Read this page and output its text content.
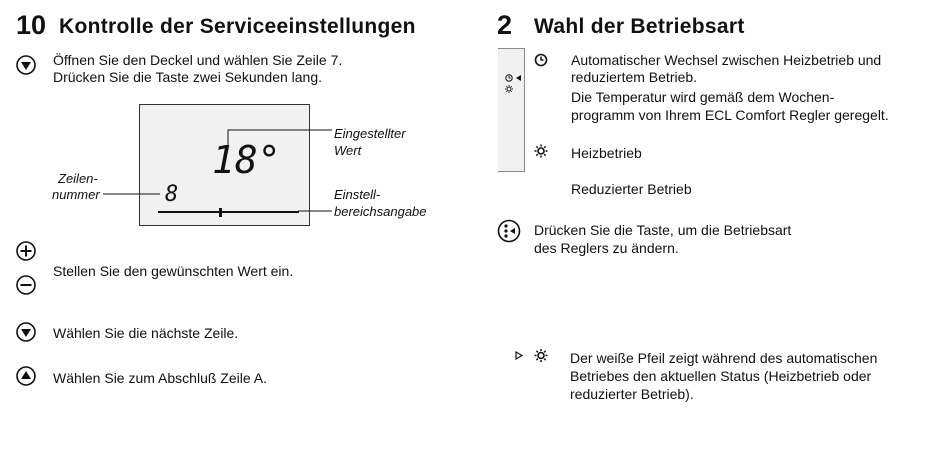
10 Kontrolle der Serviceeinstellungen
Öffnen Sie den Deckel und wählen Sie Zeile 7.
Drücken Sie die Taste zwei Sekunden lang.
18°
8
Eingestellter
Wert
Zeilen-
nummer	Einstell-
bereichsangabe
Stellen Sie den gewünschten Wert ein.
Wählen Sie die nächste Zeile.
Wählen Sie zum Abschluß Zeile A.
2 Wahl der Betriebsart
Automatischer Wechsel zwischen Heizbetrieb und
reduziertem Betrieb.
Die Temperatur wird gemäß dem Wochen-
programm von Ihrem ECL Comfort Regler geregelt.
Heizbetrieb
Reduzierter Betrieb
Drücken Sie die Taste, um die Betriebsart
des Reglers zu ändern.
Der weiße Pfeil zeigt während des automatischen
Betriebes den aktuellen Status (Heizbetrieb oder
reduzierter Betrieb).
